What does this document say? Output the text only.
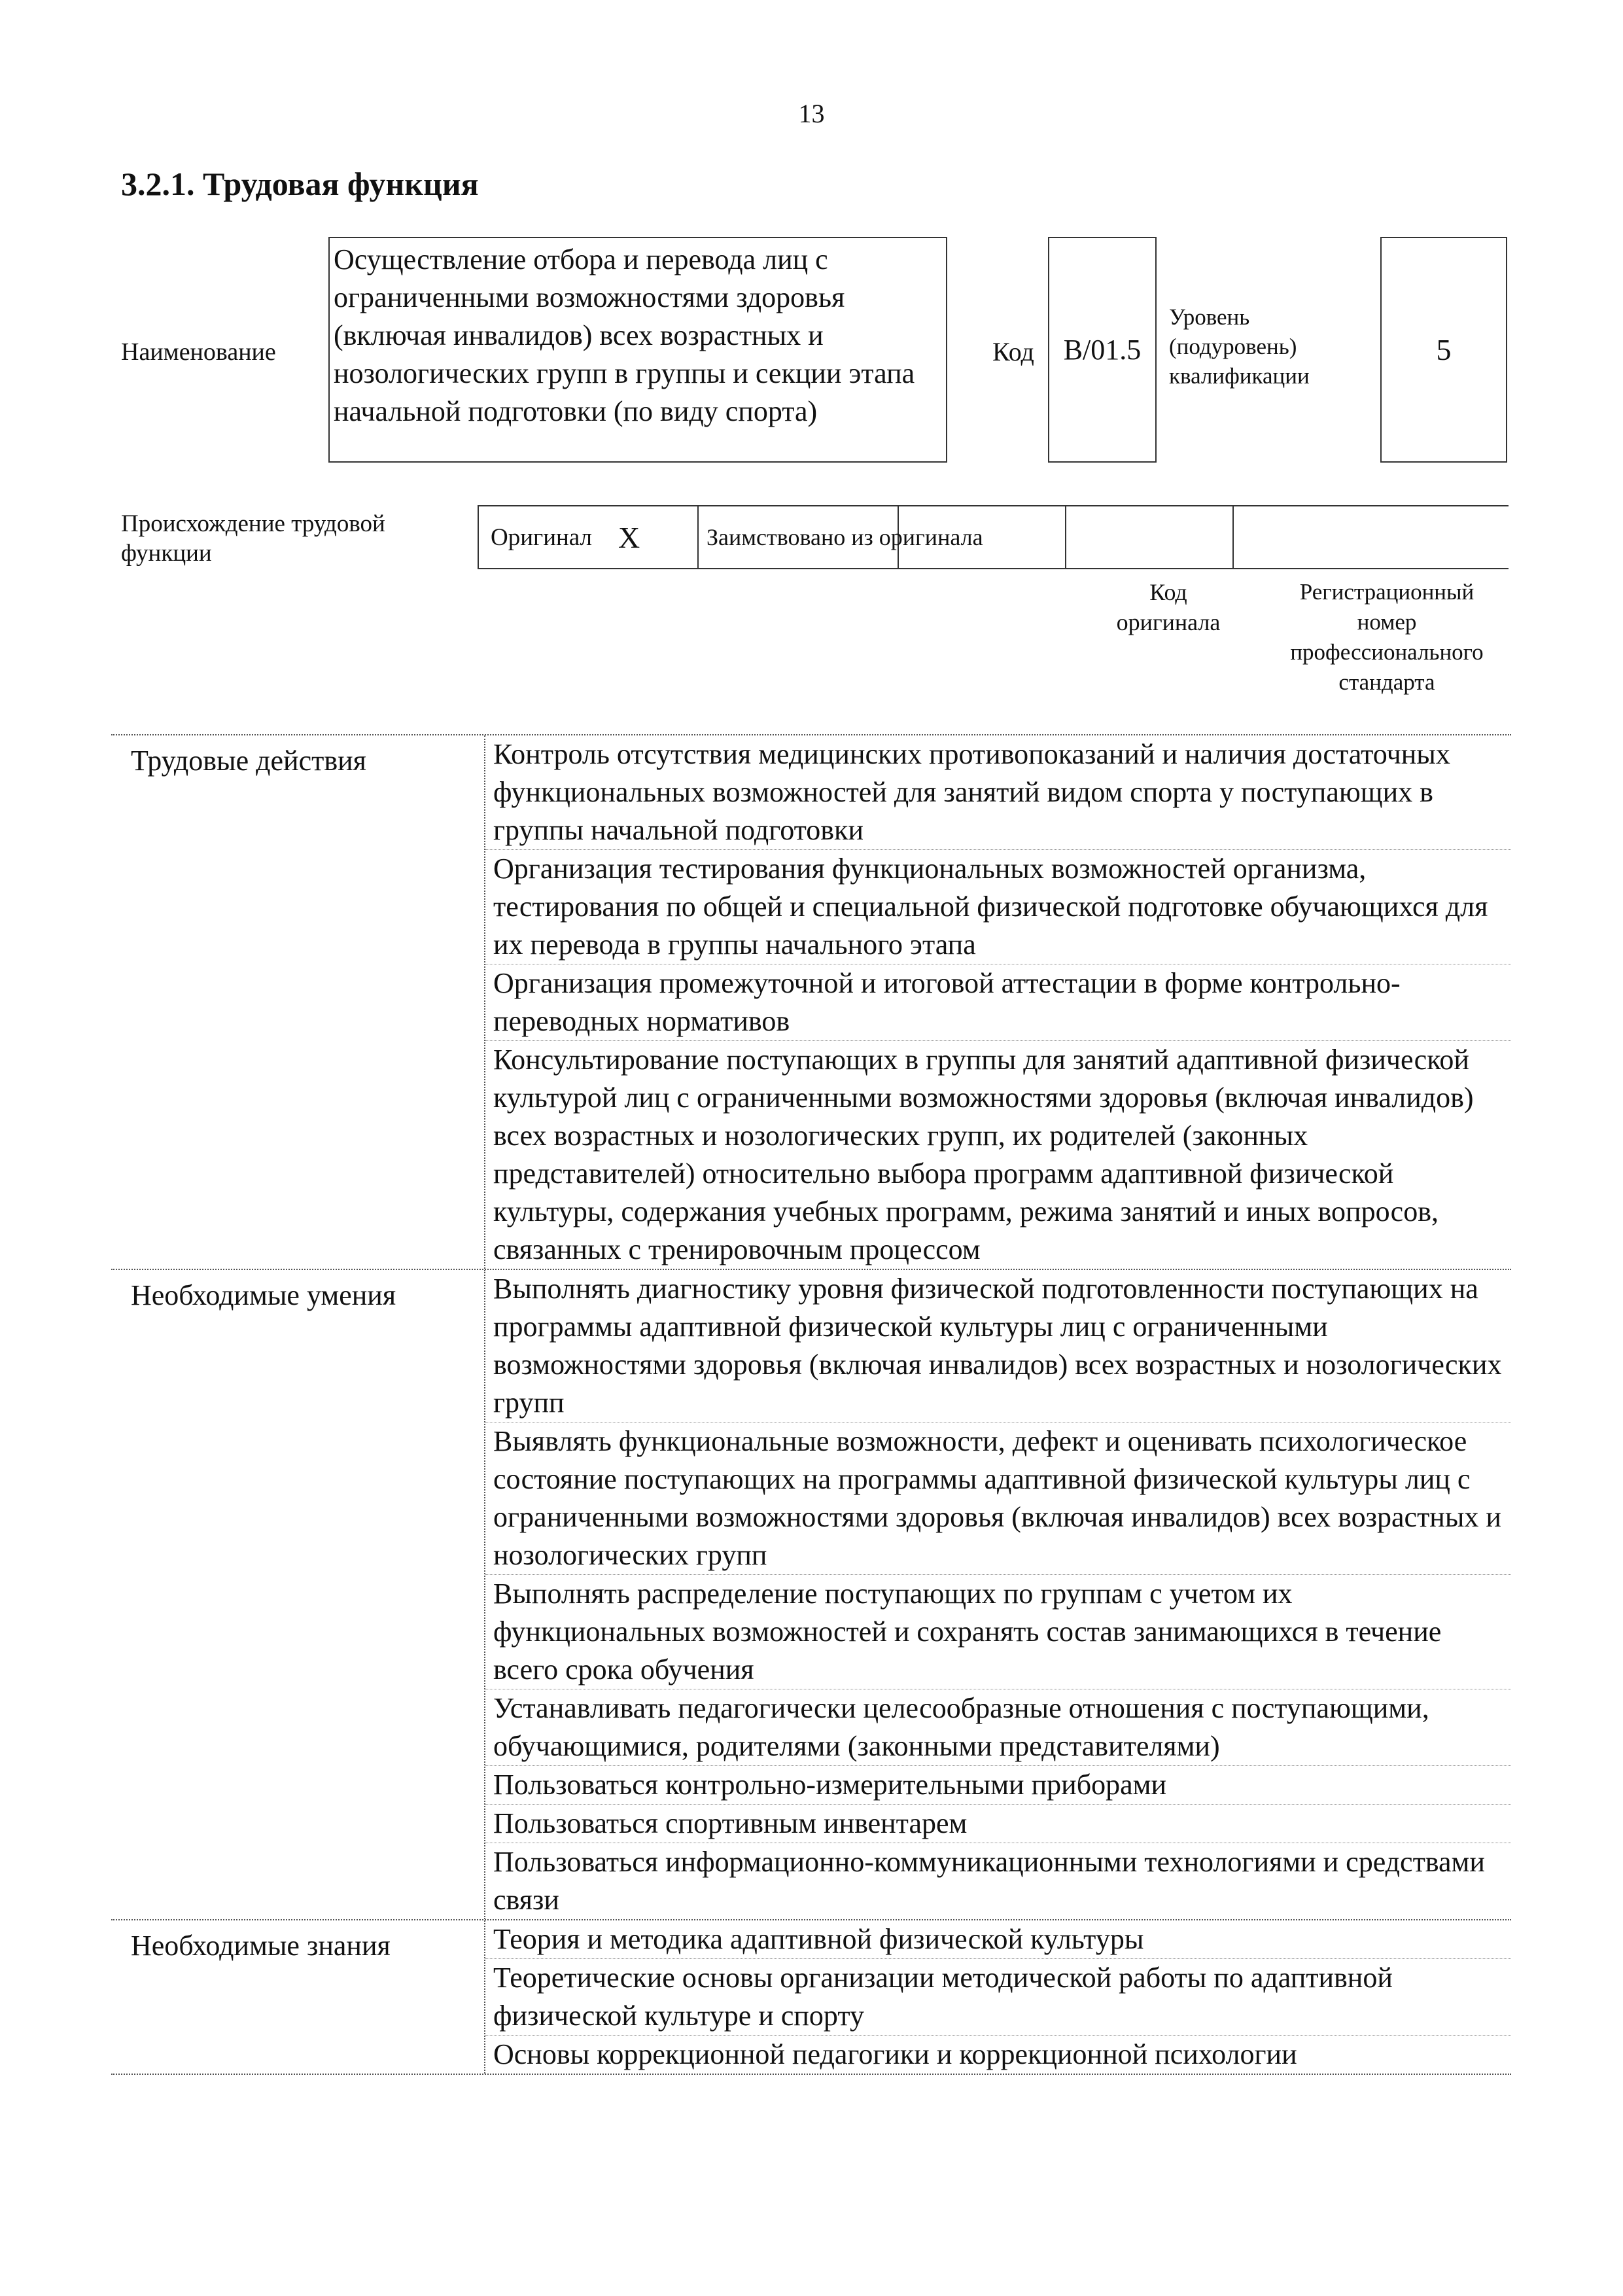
13
3.2.1. Трудовая функция
Наименование
Осуществление отбора и перевода лиц с ограниченными возможностями здоровья (включая инвалидов) всех возрастных и нозологических групп в группы и секции этапа начальной подготовки (по виду спорта)
Код B/01.5
Уровень
(подуровень)
квалификации
5
Происхождение трудовой функции
Оригинал X	Заимствовано из оригинала
Код
оригинала
Регистрационный
номер
профессионального
стандарта
Трудовые действия	Контроль отсутствия медицинских противопоказаний и наличия достаточных функциональных возможностей для занятий видом спорта у поступающих в группы начальной подготовки
Организация тестирования функциональных возможностей организма, тестирования по общей и специальной физической подготовке обучающихся для их перевода в группы начального этапа
Организация промежуточной и итоговой аттестации в форме контрольно-переводных нормативов
Консультирование поступающих в группы для занятий адаптивной физической культурой лиц с ограниченными возможностями здоровья (включая инвалидов) всех возрастных и нозологических групп, их родителей (законных представителей) относительно выбора программ адаптивной физической культуры, содержания учебных программ, режима занятий и иных вопросов, связанных с тренировочным процессом
Необходимые умения	Выполнять диагностику уровня физической подготовленности поступающих на программы адаптивной физической культуры лиц с ограниченными возможностями здоровья (включая инвалидов) всех возрастных и нозологических групп
Выявлять функциональные возможности, дефект и оценивать психологическое состояние поступающих на программы адаптивной физической культуры лиц с ограниченными возможностями здоровья (включая инвалидов) всех возрастных и нозологических групп
Выполнять распределение поступающих по группам с учетом их функциональных возможностей и сохранять состав занимающихся в течение всего срока обучения
Устанавливать педагогически целесообразные отношения с поступающими, обучающимися, родителями (законными представителями)
Пользоваться контрольно-измерительными приборами
Пользоваться спортивным инвентарем
Пользоваться информационно-коммуникационными технологиями и средствами связи
Необходимые знания	Теория и методика адаптивной физической культуры
Теоретические основы организации методической работы по адаптивной физической культуре и спорту
Основы коррекционной педагогики и коррекционной психологии
